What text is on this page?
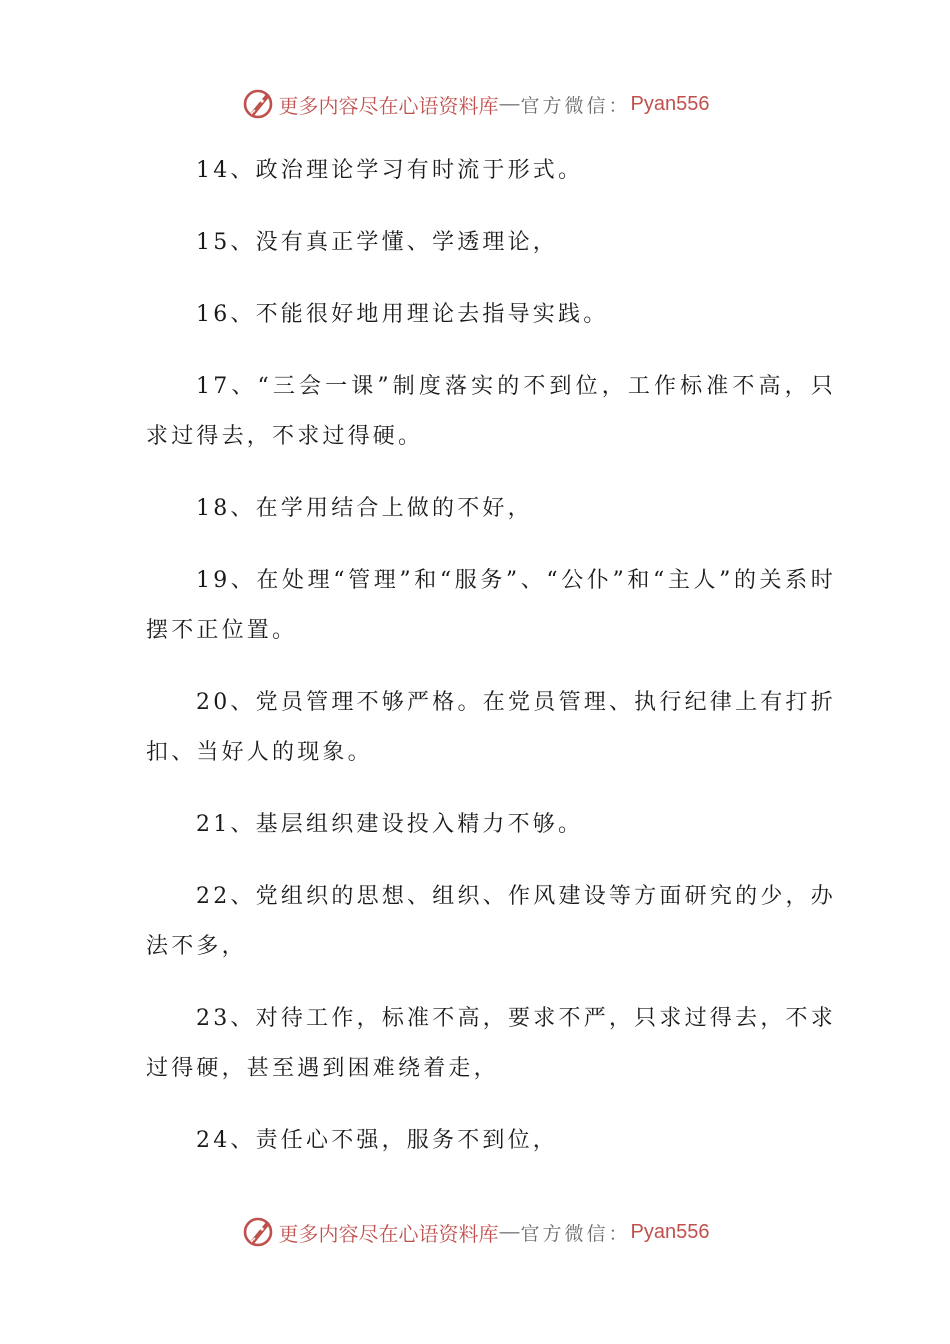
更多内容尽在心语资料库 — 官方微信： Pyan556

14、政治理论学习有时流于形式。

15、没有真正学懂、学透理论，

16、不能很好地用理论去指导实践。

17、“三会一课”制度落实的不到位，工作标准不高，只求过得去，不求过得硬。

18、在学用结合上做的不好，

19、在处理“管理”和“服务”、“公仆”和“主人”的关系时摆不正位置。

20、党员管理不够严格。在党员管理、执行纪律上有打折扣、当好人的现象。

21、基层组织建设投入精力不够。

22、党组织的思想、组织、作风建设等方面研究的少，办法不多，

23、对待工作，标准不高，要求不严，只求过得去，不求过得硬，甚至遇到困难绕着走，

24、责任心不强，服务不到位，

更多内容尽在心语资料库 — 官方微信： Pyan556
